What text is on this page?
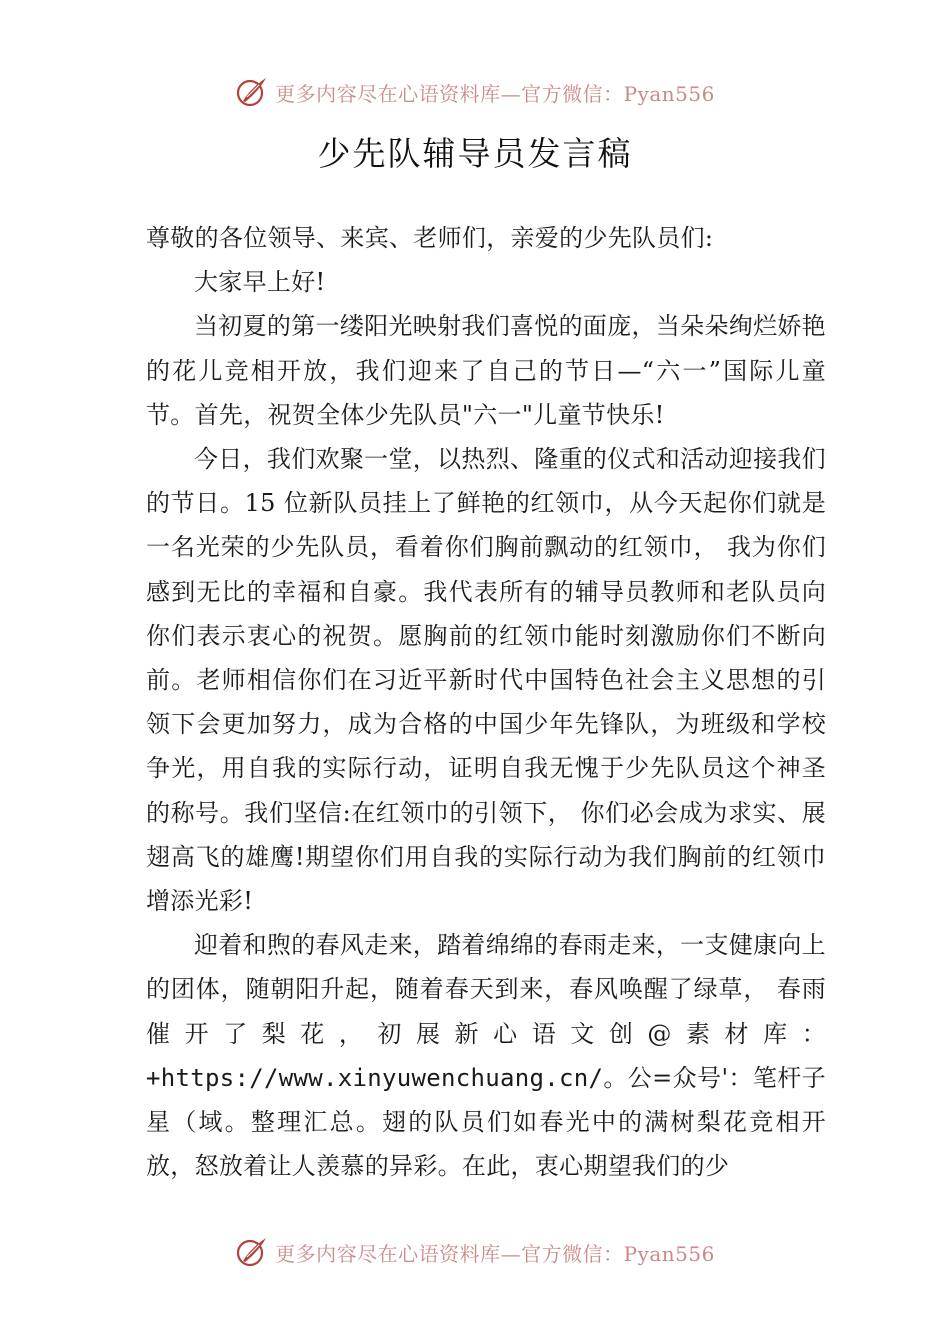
更多内容尽在心语资料库—官方微信：Pyan556
少先队辅导员发言稿

尊敬的各位领导、来宾、老师们，亲爱的少先队员们:

大家早上好!

当初夏的第一缕阳光映射我们喜悦的面庞，当朵朵绚烂娇艳的花儿竞相开放，我们迎来了自己的节日—“六一”国际儿童节。首先，祝贺全体少先队员"六一"儿童节快乐!

今日，我们欢聚一堂，以热烈、隆重的仪式和活动迎接我们的节日。15 位新队员挂上了鲜艳的红领巾，从今天起你们就是一名光荣的少先队员，看着你们胸前飘动的红领巾， 我为你们感到无比的幸福和自豪。我代表所有的辅导员教师和老队员向你们表示衷心的祝贺。愿胸前的红领巾能时刻激励你们不断向前。老师相信你们在习近平新时代中国特色社会主义思想的引领下会更加努力，成为合格的中国少年先锋队，为班级和学校争光，用自我的实际行动，证明自我无愧于少先队员这个神圣的称号。我们坚信:在红领巾的引领下， 你们必会成为求实、展翅高飞的雄鹰!期望你们用自我的实际行动为我们胸前的红领巾增添光彩!

迎着和煦的春风走来，踏着绵绵的春雨走来，一支健康向上的团体，随朝阳升起，随着春天到来，春风唤醒了绿草， 春雨催开了梨花，初展新心语文创@素材库：+https://www.xinyuwenchuang.cn/。公=众号'：笔杆子星（域。整理汇总。翅的队员们如春光中的满树梨花竞相开放，怒放着让人羡慕的异彩。在此，衷心期望我们的少

更多内容尽在心语资料库—官方微信：Pyan556
